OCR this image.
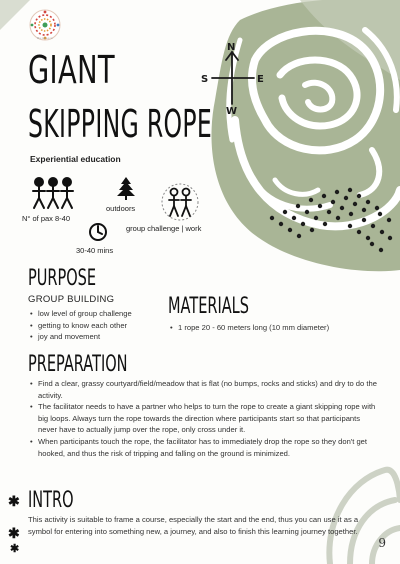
Outdoors
N
S	E
W
GIANT
SKIPPING ROPE
Experiential education
N° of pax 8-40
outdoors
30-40 mins
group challenge | work
PURPOSE
GROUP BUILDING
• low level of group challenge
• getting to know each other
• joy and movement
MATERIALS
• 1 rope 20 - 60 meters long (10 mm diameter)
PREPARATION
• Find a clear, grassy courtyard/field/meadow that is flat (no bumps, rocks and sticks) and dry to do the activity.
• The facilitator needs to have a partner who helps to turn the rope to create a giant skipping rope with big loops. Always turn the rope towards the direction where participants start so that participants never have to actually jump over the rope, only cross under it.
• When participants touch the rope, the facilitator has to immediately drop the rope so they don't get hooked, and thus the risk of tripping and falling on the ground is minimized.
✱ INTRO

This activity is suitable to frame a course, especially the start and the end, thus you can use it as a symbol for entering into something new, a journey, and also to finish this learning journey together.

✱
✱	9
